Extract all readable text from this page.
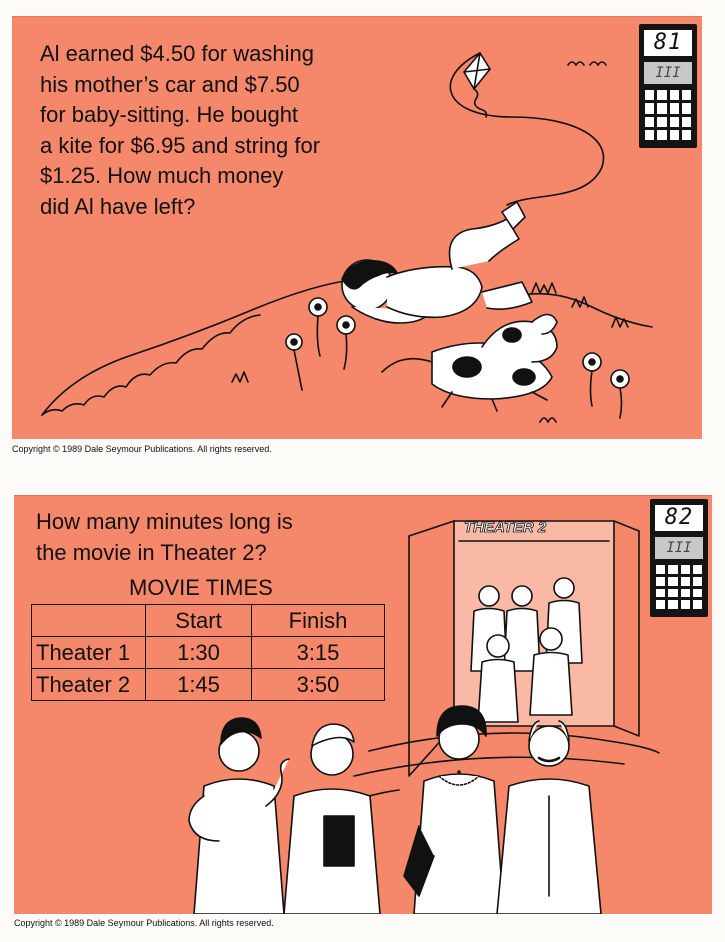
Al earned $4.50 for washing
his mother’s car and $7.50
for baby-sitting. He bought
a kite for $6.95 and string for
$1.25. How much money
did Al have left?

81
III
Copyright © 1989 Dale Seymour Publications. All rights reserved.

How many minutes long is
the movie in Theater 2?

MOVIE TIMES
	Start	Finish
Theater 1	1:30	3:15
Theater 2	1:45	3:50
82
III
THEATER 2
Copyright © 1989 Dale Seymour Publications. All rights reserved.
